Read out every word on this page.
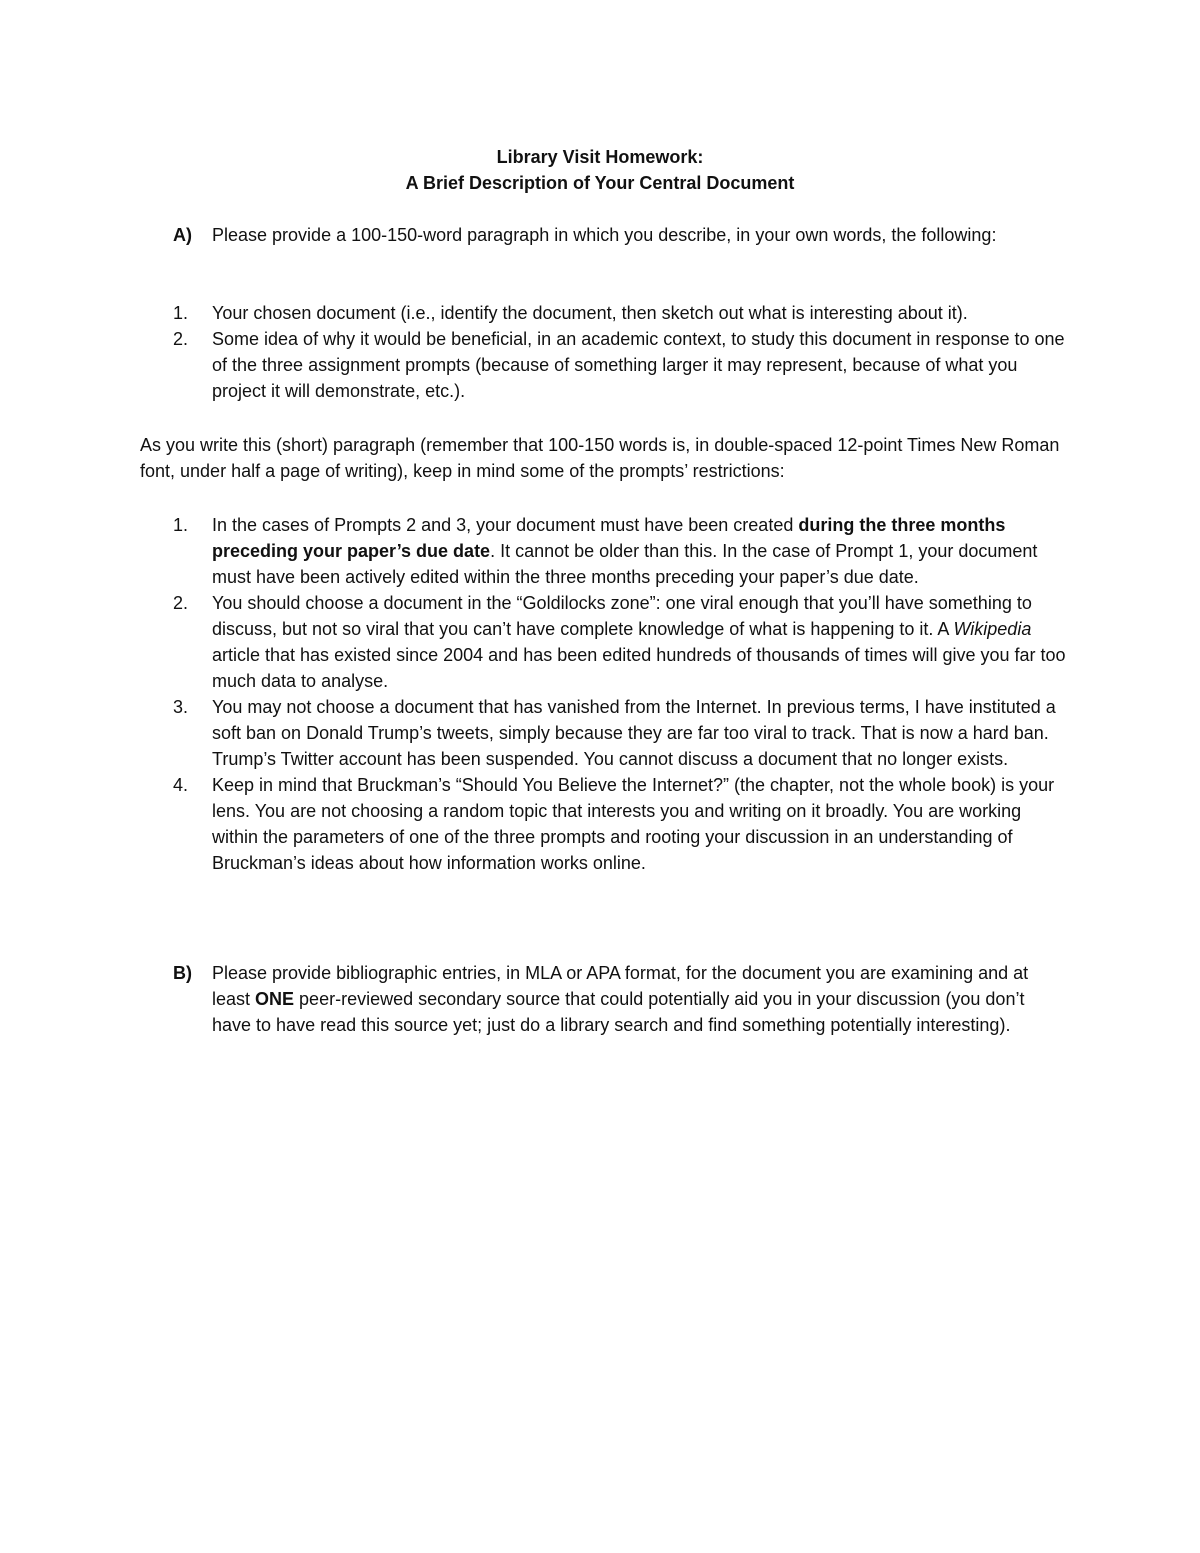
Library Visit Homework:
A Brief Description of Your Central Document
A) Please provide a 100-150-word paragraph in which you describe, in your own words, the following:
1. Your chosen document (i.e., identify the document, then sketch out what is interesting about it).
2. Some idea of why it would be beneficial, in an academic context, to study this document in response to one of the three assignment prompts (because of something larger it may represent, because of what you project it will demonstrate, etc.).
As you write this (short) paragraph (remember that 100-150 words is, in double-spaced 12-point Times New Roman font, under half a page of writing), keep in mind some of the prompts’ restrictions:
1. In the cases of Prompts 2 and 3, your document must have been created during the three months preceding your paper’s due date. It cannot be older than this. In the case of Prompt 1, your document must have been actively edited within the three months preceding your paper’s due date.
2. You should choose a document in the “Goldilocks zone”: one viral enough that you’ll have something to discuss, but not so viral that you can’t have complete knowledge of what is happening to it. A Wikipedia article that has existed since 2004 and has been edited hundreds of thousands of times will give you far too much data to analyse.
3. You may not choose a document that has vanished from the Internet. In previous terms, I have instituted a soft ban on Donald Trump’s tweets, simply because they are far too viral to track. That is now a hard ban. Trump’s Twitter account has been suspended. You cannot discuss a document that no longer exists.
4. Keep in mind that Bruckman’s “Should You Believe the Internet?” (the chapter, not the whole book) is your lens. You are not choosing a random topic that interests you and writing on it broadly. You are working within the parameters of one of the three prompts and rooting your discussion in an understanding of Bruckman’s ideas about how information works online.
B) Please provide bibliographic entries, in MLA or APA format, for the document you are examining and at least ONE peer-reviewed secondary source that could potentially aid you in your discussion (you don’t have to have read this source yet; just do a library search and find something potentially interesting).
